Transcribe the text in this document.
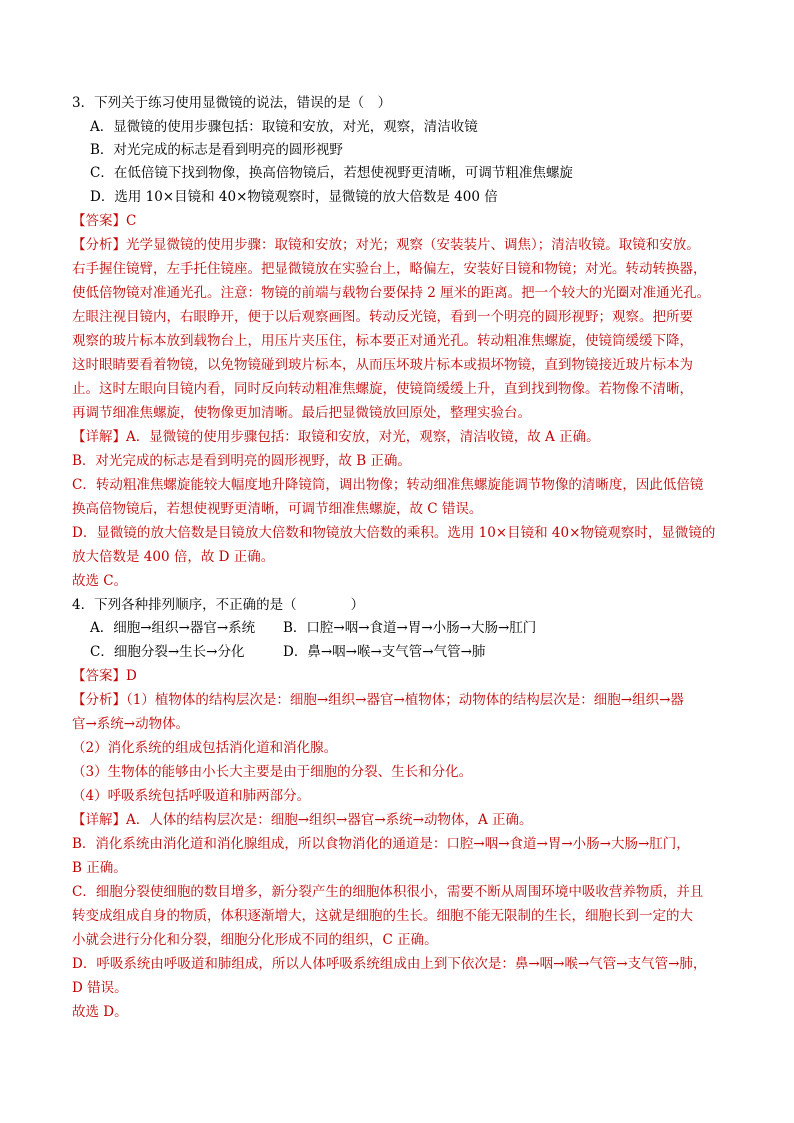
3．下列关于练习使用显微镜的说法，错误的是（　）
A．显微镜的使用步骤包括：取镜和安放，对光，观察，清洁收镜
B．对光完成的标志是看到明亮的圆形视野
C．在低倍镜下找到物像，换高倍物镜后，若想使视野更清晰，可调节粗准焦螺旋
D．选用 10×目镜和 40×物镜观察时，显微镜的放大倍数是 400 倍
【答案】C
【分析】光学显微镜的使用步骤：取镜和安放；对光；观察（安装装片、调焦）；清洁收镜。取镜和安放。
右手握住镜臂，左手托住镜座。把显微镜放在实验台上，略偏左，安装好目镜和物镜；对光。转动转换器，
使低倍物镜对准通光孔。注意：物镜的前端与载物台要保持 2 厘米的距离。把一个较大的光圈对准通光孔。
左眼注视目镜内，右眼睁开，便于以后观察画图。转动反光镜，看到一个明亮的圆形视野；观察。把所要
观察的玻片标本放到载物台上，用压片夹压住，标本要正对通光孔。转动粗准焦螺旋，使镜筒缓缓下降，
这时眼睛要看着物镜，以免物镜碰到玻片标本，从而压坏玻片标本或损坏物镜，直到物镜接近玻片标本为
止。这时左眼向目镜内看，同时反向转动粗准焦螺旋，使镜筒缓缓上升，直到找到物像。若物像不清晰，
再调节细准焦螺旋，使物像更加清晰。最后把显微镜放回原处，整理实验台。
【详解】A．显微镜的使用步骤包括：取镜和安放，对光，观察，清洁收镜，故 A 正确。
B．对光完成的标志是看到明亮的圆形视野，故 B 正确。
C．转动粗准焦螺旋能较大幅度地升降镜筒，调出物像；转动细准焦螺旋能调节物像的清晰度，因此低倍镜
换高倍物镜后，若想使视野更清晰，可调节细准焦螺旋，故 C 错误。
D．显微镜的放大倍数是目镜放大倍数和物镜放大倍数的乘积。选用 10×目镜和 40×物镜观察时，显微镜的
放大倍数是 400 倍，故 D 正确。
故选 C。
4．下列各种排列顺序，不正确的是（　　　　）
A．细胞→组织→器官→系统 B．口腔→咽→食道→胃→小肠→大肠→肛门
C．细胞分裂→生长→分化	D．鼻→咽→喉→支气管→气管→肺
【答案】D
【分析】（1）植物体的结构层次是：细胞→组织→器官→植物体；动物体的结构层次是：细胞→组织→器
官→系统→动物体。
（2）消化系统的组成包括消化道和消化腺。
（3）生物体的能够由小长大主要是由于细胞的分裂、生长和分化。
（4）呼吸系统包括呼吸道和肺两部分。
【详解】A．人体的结构层次是：细胞→组织→器官→系统→动物体，A 正确。
B．消化系统由消化道和消化腺组成，所以食物消化的通道是：口腔→咽→食道→胃→小肠→大肠→肛门，
B 正确。
C．细胞分裂使细胞的数目增多，新分裂产生的细胞体积很小，需要不断从周围环境中吸收营养物质，并且
转变成组成自身的物质，体积逐渐增大，这就是细胞的生长。细胞不能无限制的生长，细胞长到一定的大
小就会进行分化和分裂，细胞分化形成不同的组织，C 正确。
D．呼吸系统由呼吸道和肺组成，所以人体呼吸系统组成由上到下依次是：鼻→咽→喉→气管→支气管→肺，
D 错误。
故选 D。
